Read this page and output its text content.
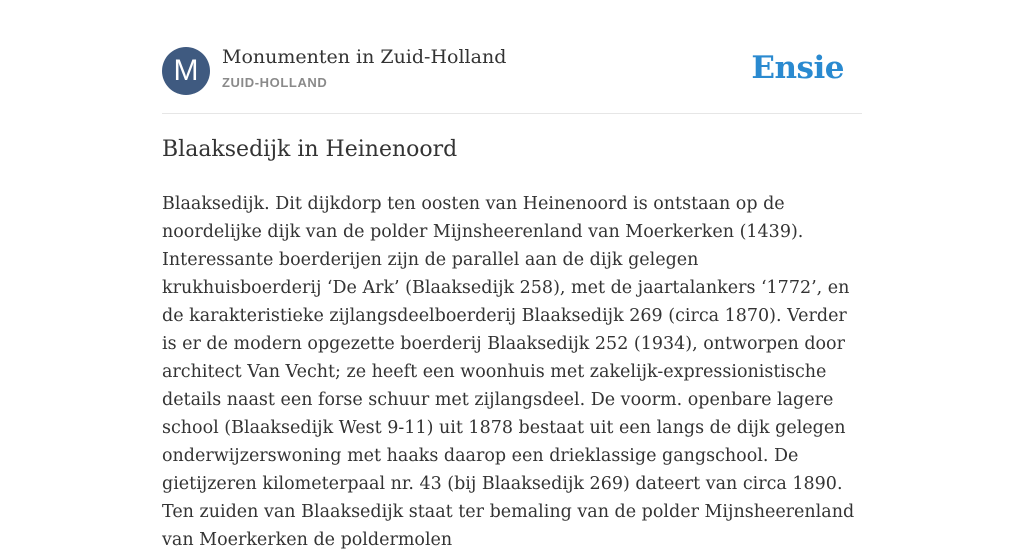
M	Monumenten in Zuid-Holland
ZUID-HOLLAND	Ensie
Blaaksedijk in Heinenoord

Blaaksedijk. Dit dijkdorp ten oosten van Heinenoord is ontstaan op de noordelijke dijk van de polder Mijnsheerenland van Moerkerken (1439). Interessante boerderijen zijn de parallel aan de dijk gelegen krukhuisboerderij ‘De Ark’ (Blaaksedijk 258), met de jaartalankers ‘1772’, en de karakteristieke zijlangsdeelboerderij Blaaksedijk 269 (circa 1870). Verder is er de modern opgezette boerderij Blaaksedijk 252 (1934), ontworpen door architect Van Vecht; ze heeft een woonhuis met zakelijk-expressionistische details naast een forse schuur met zijlangsdeel. De voorm. openbare lagere school (Blaaksedijk West 9-11) uit 1878 bestaat uit een langs de dijk gelegen onderwijzerswoning met haaks daarop een drieklassige gangschool. De gietijzeren kilometerpaal nr. 43 (bij Blaaksedijk 269) dateert van circa 1890. Ten zuiden van Blaaksedijk staat ter bemaling van de polder Mijnsheerenland van Moerkerken de poldermolen
